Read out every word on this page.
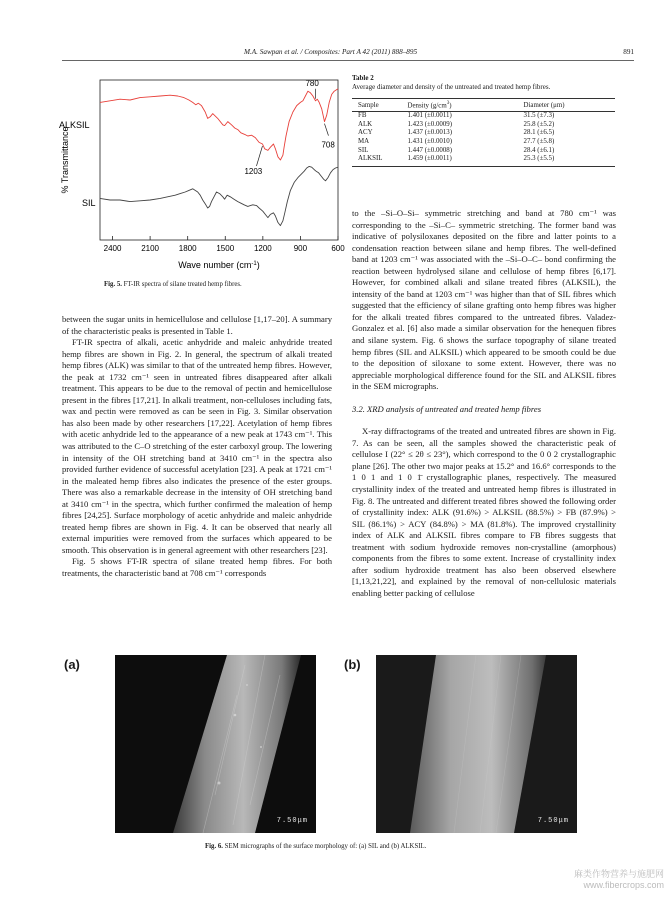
M.A. Sawpan et al. / Composites: Part A 42 (2011) 888–895	891
2400 2100 1800 1500 1200	900	600
1203
780
708
% Transmittance
Wave number $(cm^{-1})$
ALKSIL
SIL
Fig. 5. FT-IR spectra of silane treated hemp fibres.
Table 2
Average diameter and density of the untreated and treated hemp fibres.
Sample	Density $(g/cm^3)$	Diameter (μm)
FB	1.401 (±0.0011)	31.5 (±7.3)
ALK	1.423 (±0.0009)	25.8 (±5.2)
ACY	1.437 (±0.0013)	28.1 (±6.5)
MA	1.431 (±0.0010)	27.7 (±5.8)
SIL	1.447 (±0.0008)	28.4 (±6.1)
ALKSIL	1.459 (±0.0011)	25.3 (±5.5)

between the sugar units in hemicellulose and cellulose [1,17–20]. A summary of the characteristic peaks is presented in Table 1.

FT-IR spectra of alkali, acetic anhydride and maleic anhydride treated hemp fibres are shown in Fig. 2. In general, the spectrum of alkali treated hemp fibres (ALK) was similar to that of the untreated hemp fibres. However, the peak at 1732 cm⁻¹ seen in untreated fibres disappeared after alkali treatment. This appears to be due to the removal of pectin and hemicellulose present in the fibres [17,21]. In alkali treatment, non-celluloses including fats, wax and pectin were removed as can be seen in Fig. 3. Similar observation has also been made by other researchers [17,22]. Acetylation of hemp fibres with acetic anhydride led to the appearance of a new peak at 1743 cm⁻¹. This was attributed to the C–O stretching of the ester carboxyl group. The lowering in intensity of the OH stretching band at 3410 cm⁻¹ in the spectra also provided further evidence of successful acetylation [23]. A peak at 1721 cm⁻¹ in the maleated hemp fibres also indicates the presence of the ester groups. There was also a remarkable decrease in the intensity of OH stretching band at 3410 cm⁻¹ in the spectra, which further confirmed the maleation of hemp fibres [24,25]. Surface morphology of acetic anhydride and maleic anhydride treated hemp fibres are shown in Fig. 4. It can be observed that nearly all external impurities were removed from the surfaces which appeared to be smooth. This observation is in general agreement with other researchers [23].

Fig. 5 shows FT-IR spectra of silane treated hemp fibres. For both treatments, the characteristic band at 708 cm⁻¹ corresponds

to the –Si–O–Si– symmetric stretching and band at 780 cm⁻¹ was corresponding to the –Si–C– symmetric stretching. The former band was indicative of polysiloxanes deposited on the fibre and latter points to a condensation reaction between silane and hemp fibres. The well-defined band at 1203 cm⁻¹ was associated with the –Si–O–C– bond confirming the reaction between hydrolysed silane and cellulose of hemp fibres [6,17]. However, for combined alkali and silane treated fibres (ALKSIL), the intensity of the band at 1203 cm⁻¹ was higher than that of SIL fibres which suggested that the efficiency of silane grafting onto hemp fibres was higher for the alkali treated fibres compared to the untreated fibres. Valadez-Gonzalez et al. [6] also made a similar observation for the henequen fibres and silane system. Fig. 6 shows the surface topography of silane treated hemp fibres (SIL and ALKSIL) which appeared to be smooth could be due to the deposition of siloxane to some extent. However, there was no appreciable morphological difference found for the SIL and ALKSIL fibres in the SEM micrographs.

3.2. XRD analysis of untreated and treated hemp fibres

X-ray diffractograms of the treated and untreated fibres are shown in Fig. 7. As can be seen, all the samples showed the characteristic peak of cellulose I (22° ≤ 2θ ≤ 23°), which correspond to the 0 0 2 crystallographic plane [26]. The other two major peaks at 15.2° and 16.6° corresponds to the 1 0 1 and 1 0 1̄ crystallographic planes, respectively. The measured crystallinity index of the treated and untreated hemp fibres is illustrated in Fig. 8. The untreated and different treated fibres showed the following order of crystallinity index: ALK (91.6%) > ALKSIL (88.5%) > FB (87.9%) > SIL (86.1%) > ACY (84.8%) > MA (81.8%). The improved crystallinity index of ALK and ALKSIL fibres compare to FB fibres suggests that treatment with sodium hydroxide removes non-crystalline (amorphous) components from the fibres to some extent. Increase of crystallinity index after sodium hydroxide treatment has also been observed elsewhere [1,13,21,22], and explained by the removal of non-cellulosic materials enabling better packing of cellulose

(a)
7.50μm
(b)
7.50μm
Fig. 6. SEM micrographs of the surface morphology of: (a) SIL and (b) ALKSIL.
麻类作物营养与施肥网
www.fibercrops.com
